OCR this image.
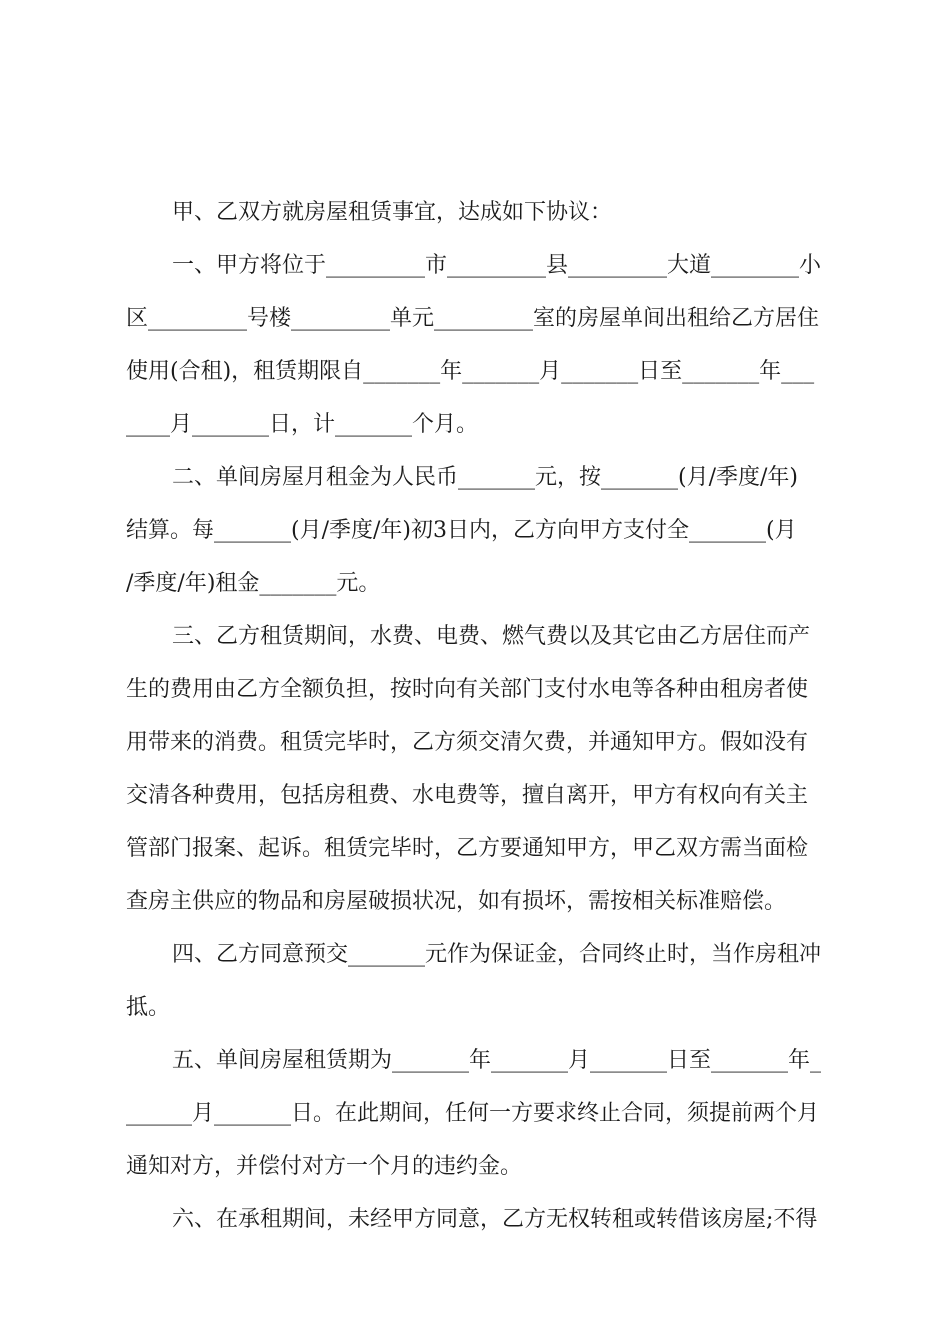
甲、乙双方就房屋租赁事宜，达成如下协议：
一、甲方将位于_________市_________县_________大道________小
区_________号楼_________单元_________室的房屋单间出租给乙方居住
使用(合租)，租赁期限自_______年_______月_______日至_______年___
____月_______日，计_______个月。
二、单间房屋月租金为人民币_______元，按_______(月/季度/年)
结算。每_______(月/季度/年)初3日内，乙方向甲方支付全_______(月
/季度/年)租金_______元。
三、乙方租赁期间，水费、电费、燃气费以及其它由乙方居住而产
生的费用由乙方全额负担，按时向有关部门支付水电等各种由租房者使
用带来的消费。租赁完毕时，乙方须交清欠费，并通知甲方。假如没有
交清各种费用，包括房租费、水电费等，擅自离开，甲方有权向有关主
管部门报案、起诉。租赁完毕时，乙方要通知甲方，甲乙双方需当面检
查房主供应的物品和房屋破损状况，如有损坏，需按相关标准赔偿。
四、乙方同意预交_______元作为保证金，合同终止时，当作房租冲
抵。
五、单间房屋租赁期为_______年_______月_______日至_______年_
______月_______日。在此期间，任何一方要求终止合同，须提前两个月
通知对方，并偿付对方一个月的违约金。
六、在承租期间，未经甲方同意，乙方无权转租或转借该房屋;不得
